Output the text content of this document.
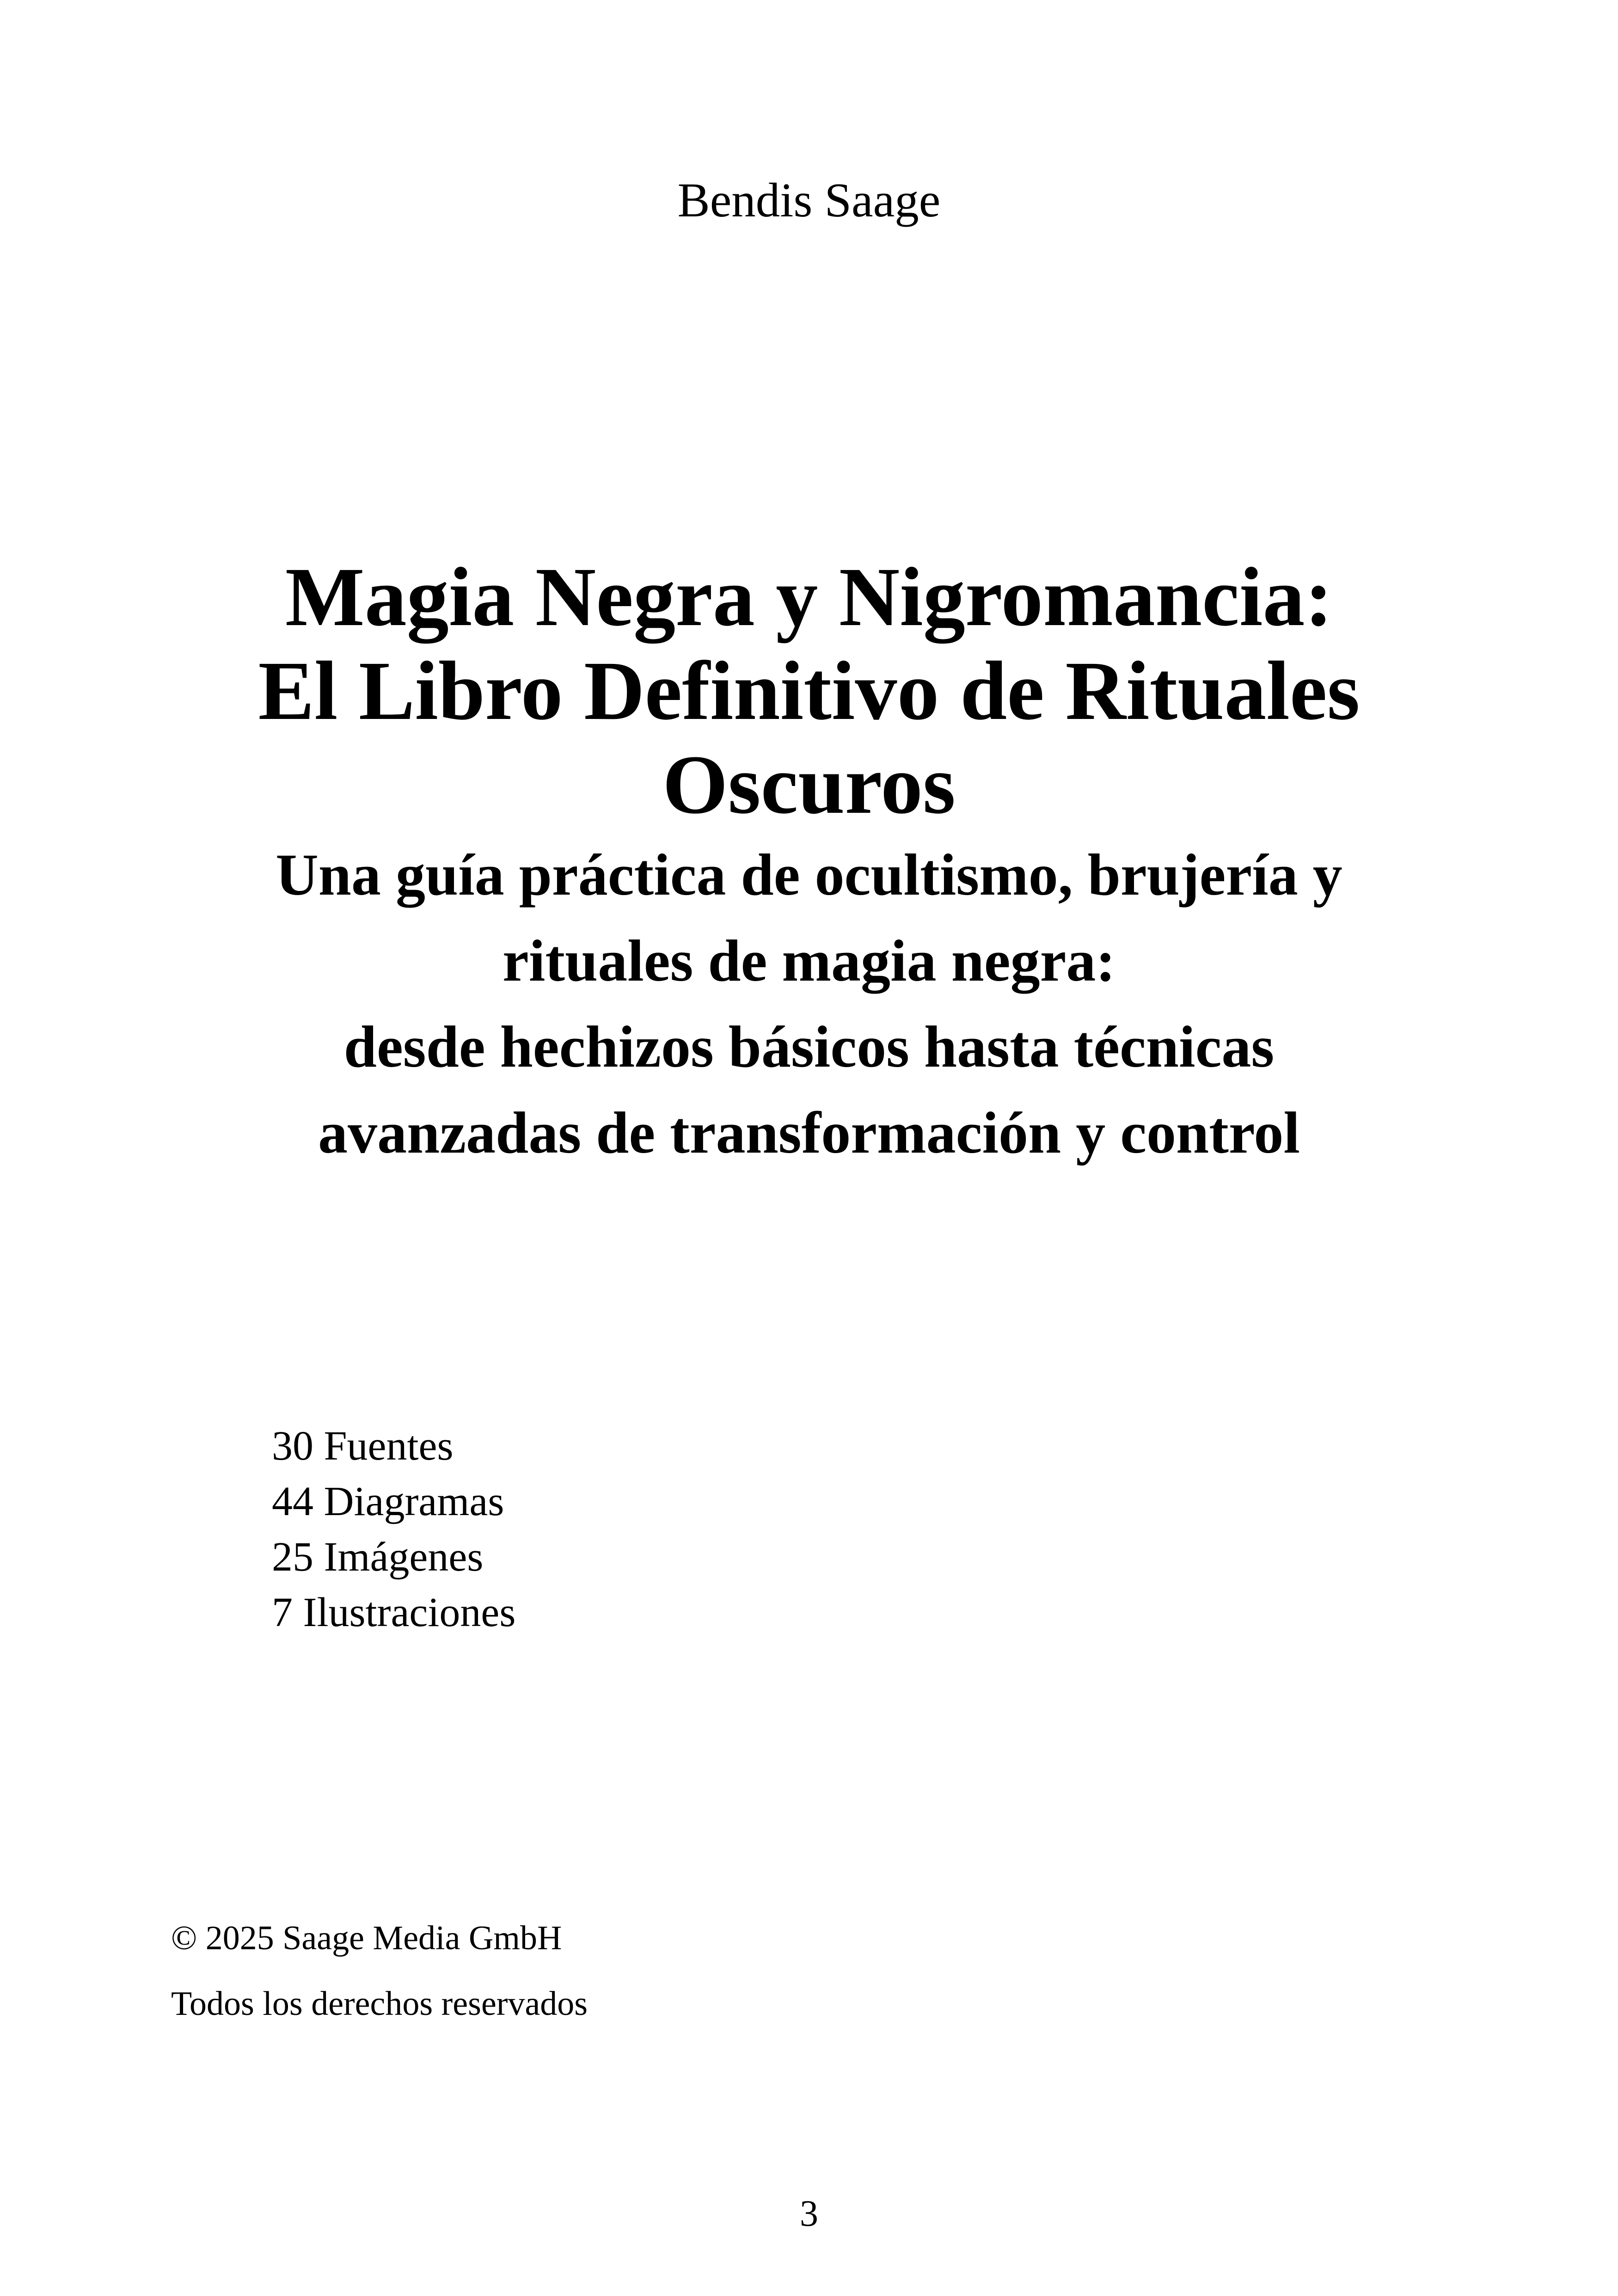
Bendis Saage
Magia Negra y Nigromancia:
El Libro Definitivo de Rituales
Oscuros
Una guía práctica de ocultismo, brujería y
rituales de magia negra:
desde hechizos básicos hasta técnicas
avanzadas de transformación y control
30 Fuentes
44 Diagramas
25 Imágenes
7 Ilustraciones
© 2025 Saage Media GmbH
Todos los derechos reservados
3
